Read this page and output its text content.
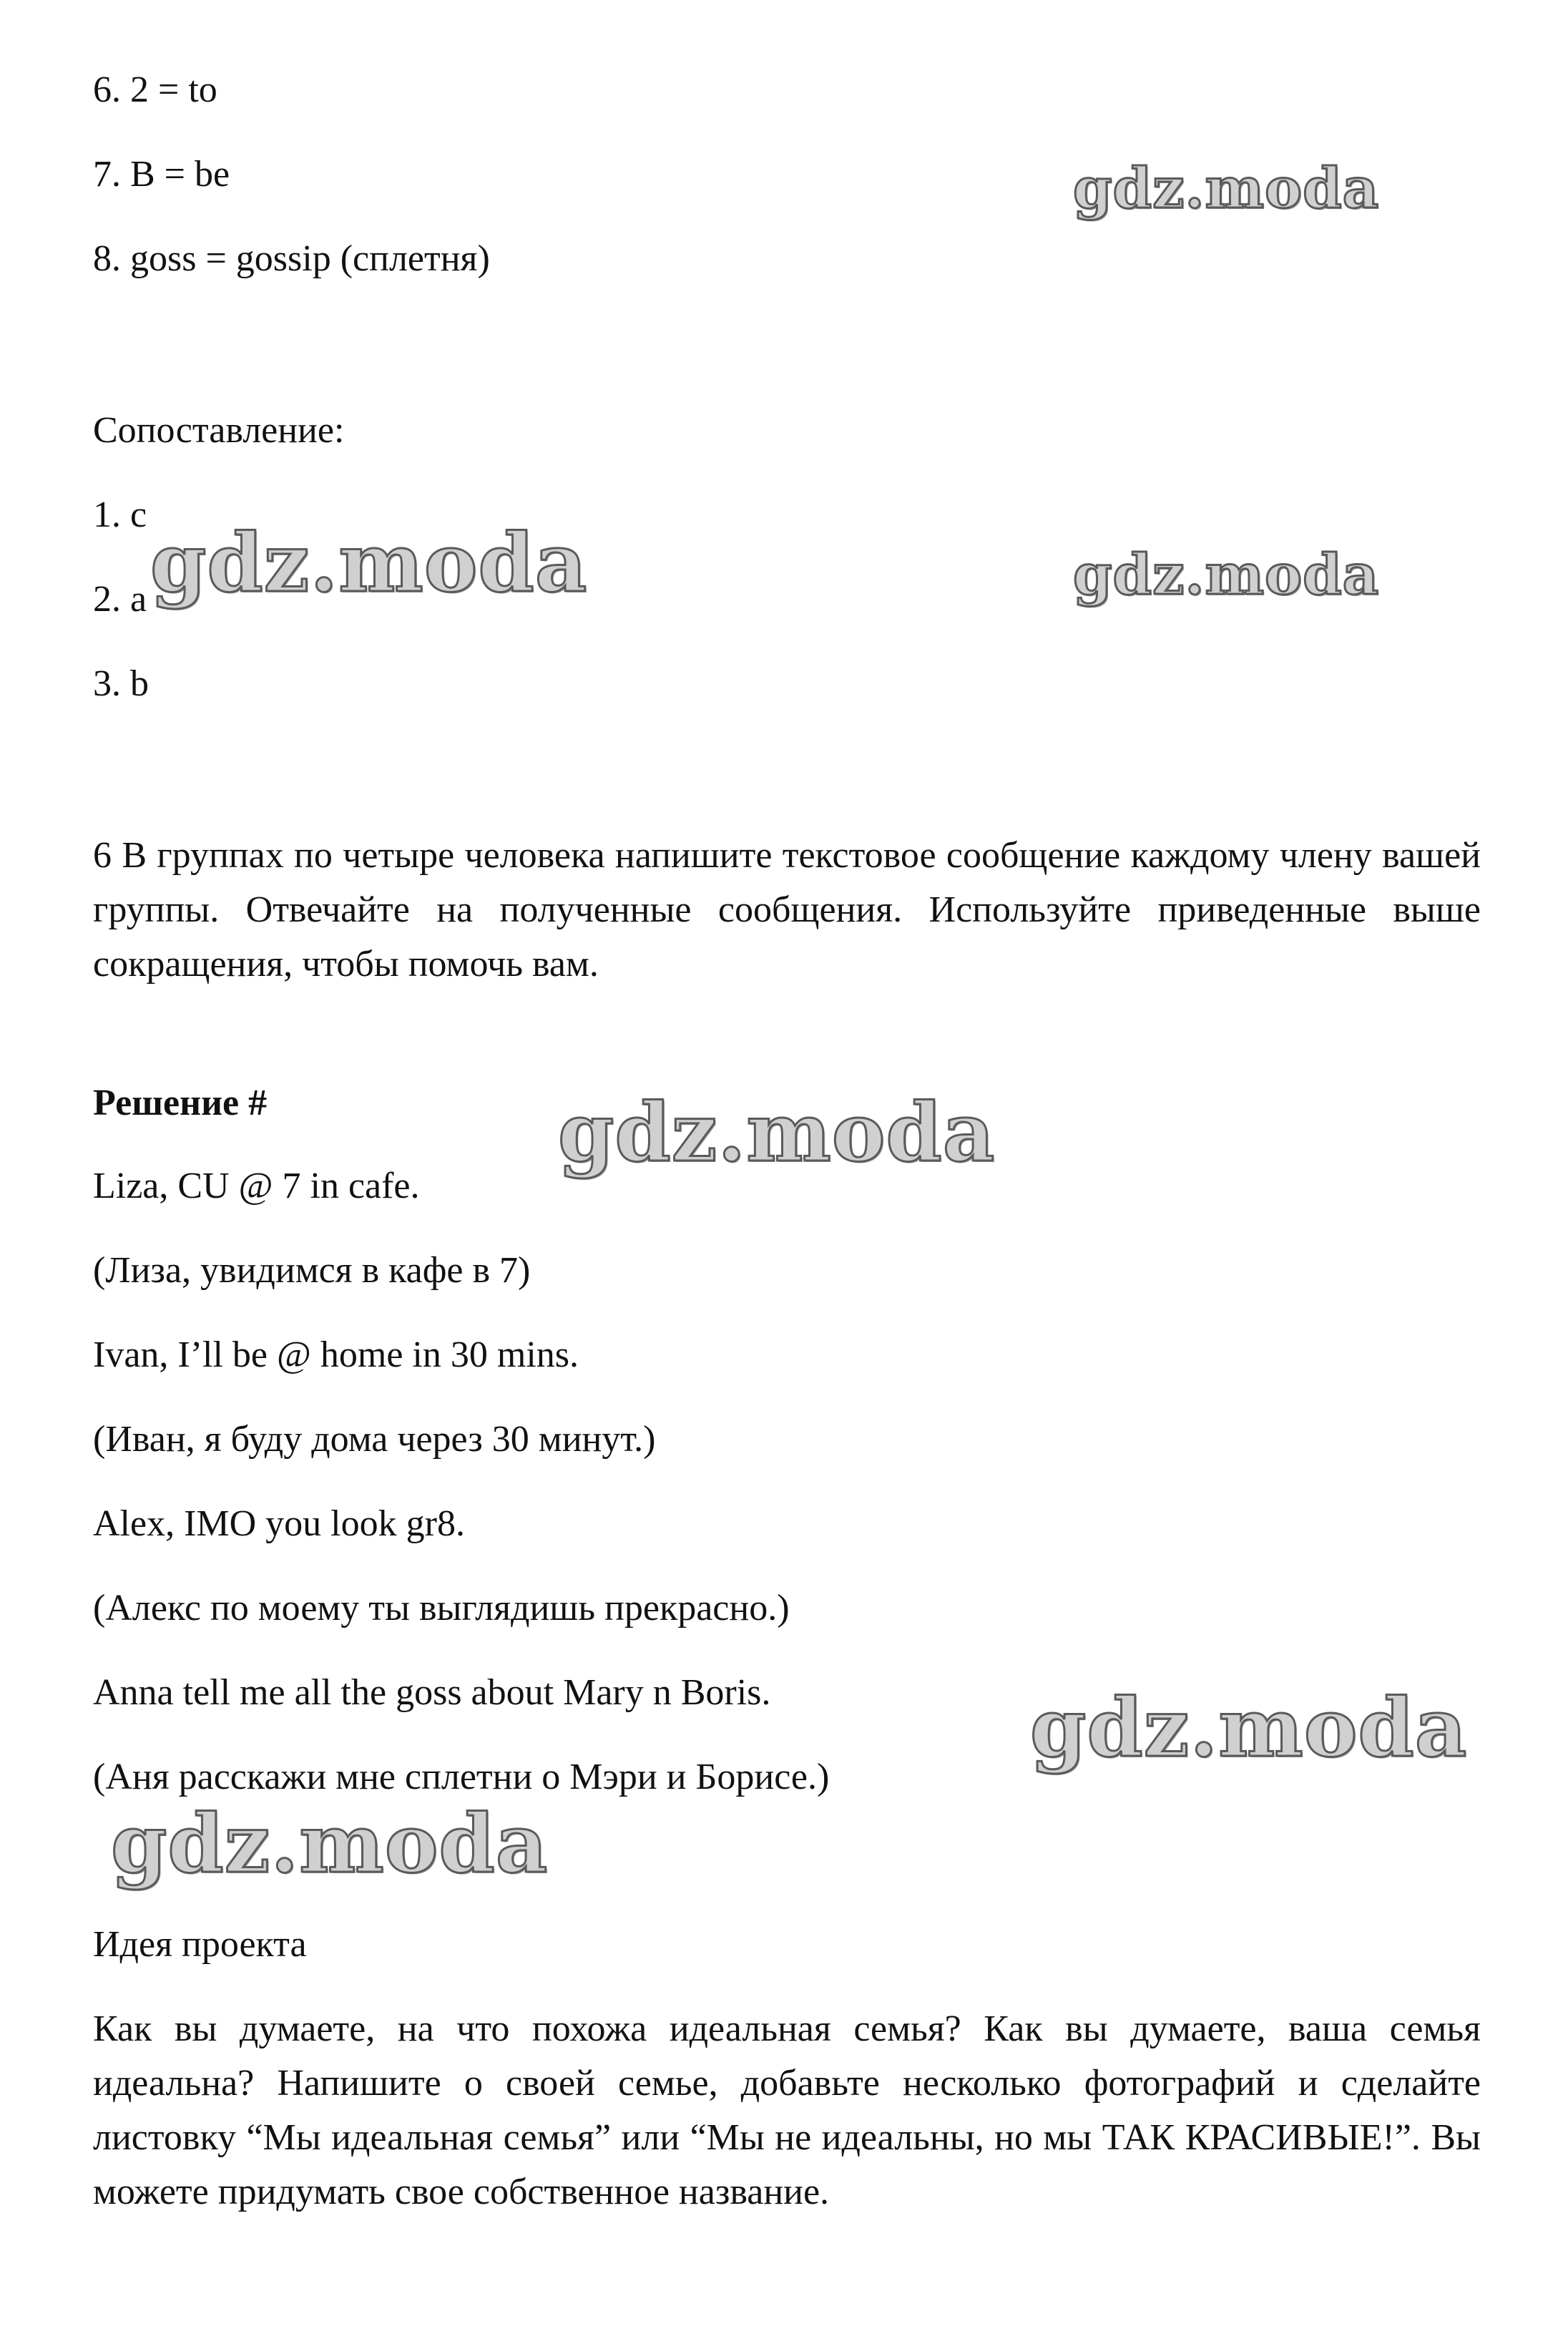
6. 2 = to
7. B = be
8. goss = gossip (сплетня)
Сопоставление:
1. c
2. a
3. b
6 В группах по четыре человека напишите текстовое сообщение каждому члену вашей группы. Отвечайте на полученные сообщения. Используйте приведенные выше сокращения, чтобы помочь вам.
Решение #
Liza, CU @ 7 in cafe.
(Лиза, увидимся в кафе в 7)
Ivan, I’ll be @ home in 30 mins.
(Иван, я буду дома через 30 минут.)
Alex, IMO you look gr8.
(Алекс по моему ты выглядишь прекрасно.)
Anna tell me all the goss about Mary n Boris.
(Аня расскажи мне сплетни о Мэри и Борисе.)
Идея проекта
Как вы думаете, на что похожа идеальная семья? Как вы думаете, ваша семья идеальна? Напишите о своей семье, добавьте несколько фотографий и сделайте листовку “Мы идеальная семья” или “Мы не идеальны, но мы ТАК КРАСИВЫЕ!”. Вы можете придумать свое собственное название.
gdz.moda
gdz.moda	gdz.moda
gdz.moda
gdz.moda
gdz.moda
